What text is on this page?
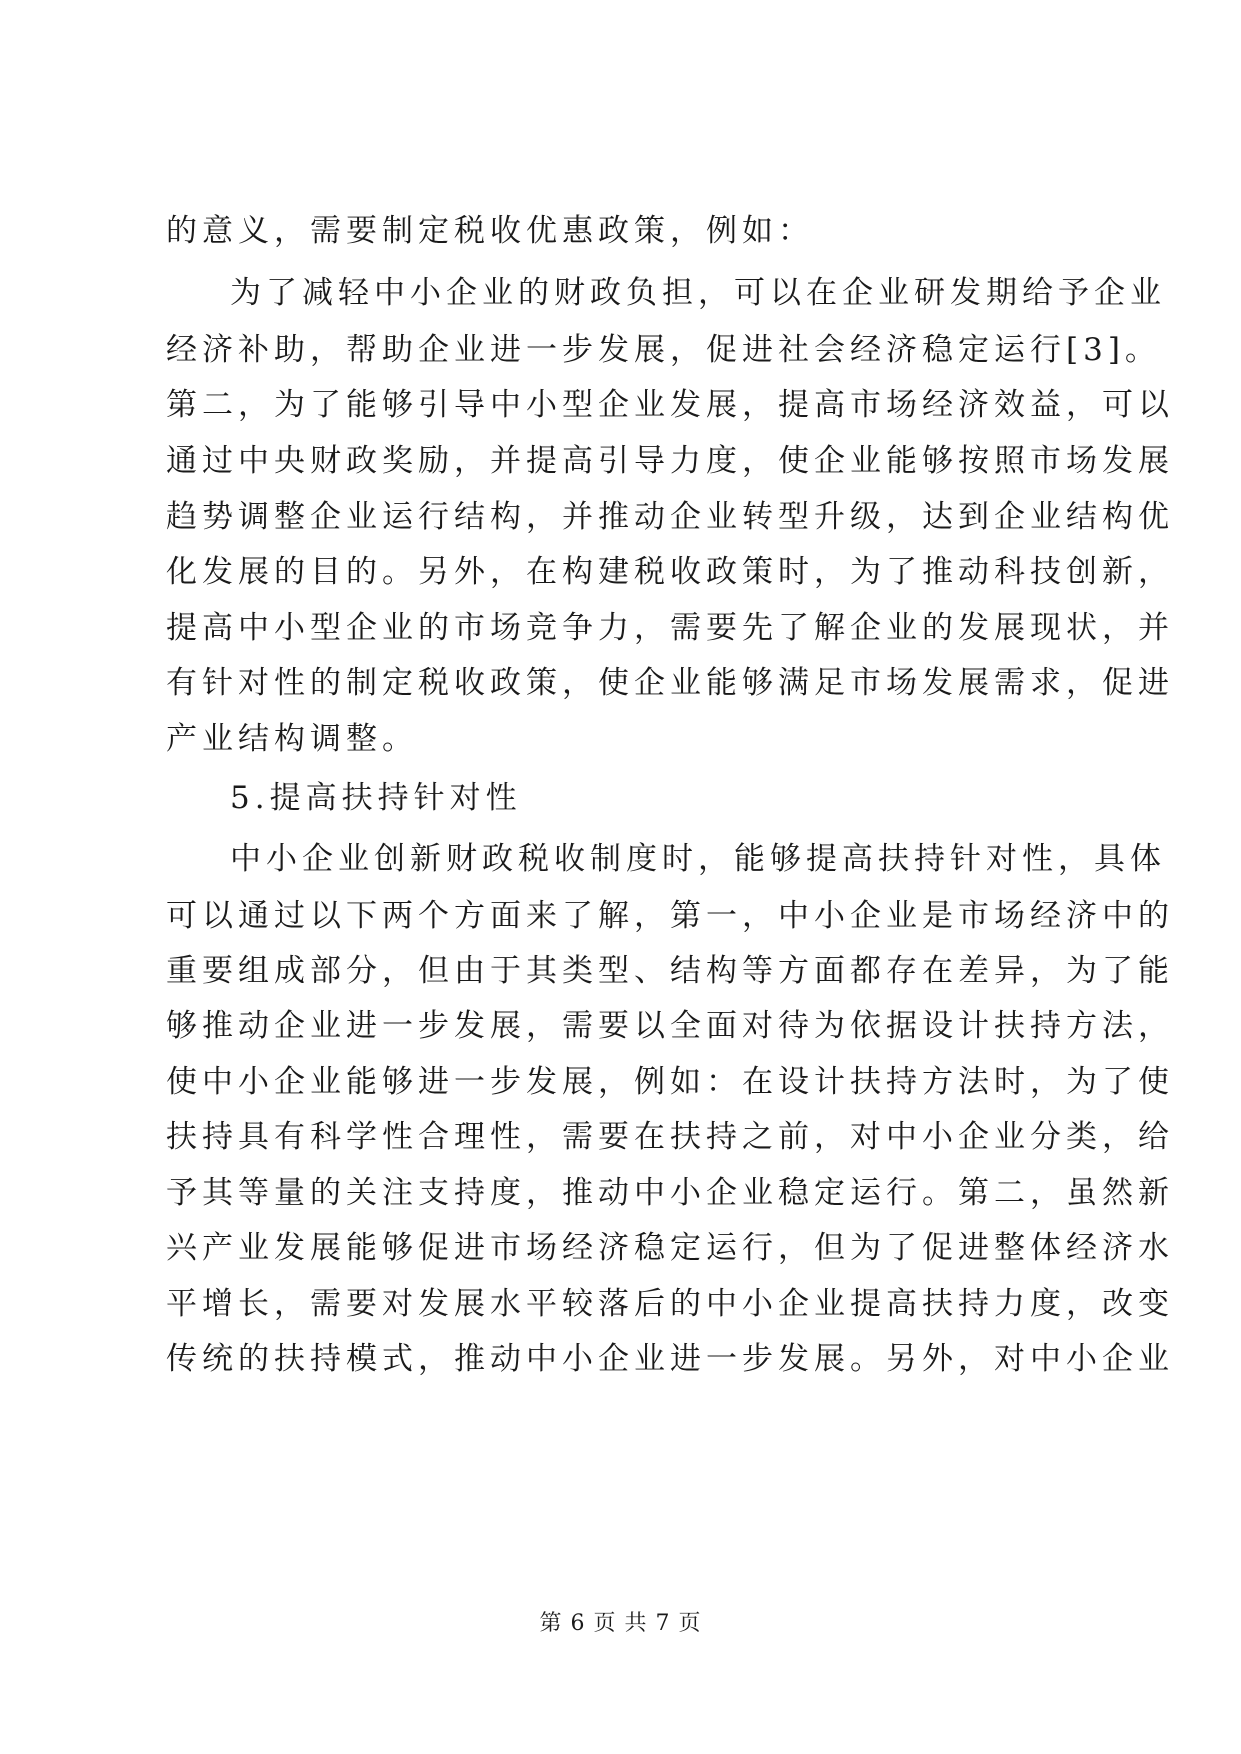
的意义，需要制定税收优惠政策，例如：
为了减轻中小企业的财政负担，可以在企业研发期给予企业
经济补助，帮助企业进一步发展，促进社会经济稳定运行[3]。
第二，为了能够引导中小型企业发展，提高市场经济效益，可以
通过中央财政奖励，并提高引导力度，使企业能够按照市场发展
趋势调整企业运行结构，并推动企业转型升级，达到企业结构优
化发展的目的。另外，在构建税收政策时，为了推动科技创新，
提高中小型企业的市场竞争力，需要先了解企业的发展现状，并
有针对性的制定税收政策，使企业能够满足市场发展需求，促进
产业结构调整。
5.提高扶持针对性
中小企业创新财政税收制度时，能够提高扶持针对性，具体
可以通过以下两个方面来了解，第一，中小企业是市场经济中的
重要组成部分，但由于其类型、结构等方面都存在差异，为了能
够推动企业进一步发展，需要以全面对待为依据设计扶持方法，
使中小企业能够进一步发展，例如：在设计扶持方法时，为了使
扶持具有科学性合理性，需要在扶持之前，对中小企业分类，给
予其等量的关注支持度，推动中小企业稳定运行。第二，虽然新
兴产业发展能够促进市场经济稳定运行，但为了促进整体经济水
平增长，需要对发展水平较落后的中小企业提高扶持力度，改变
传统的扶持模式，推动中小企业进一步发展。另外，对中小企业
第 6 页 共 7 页
